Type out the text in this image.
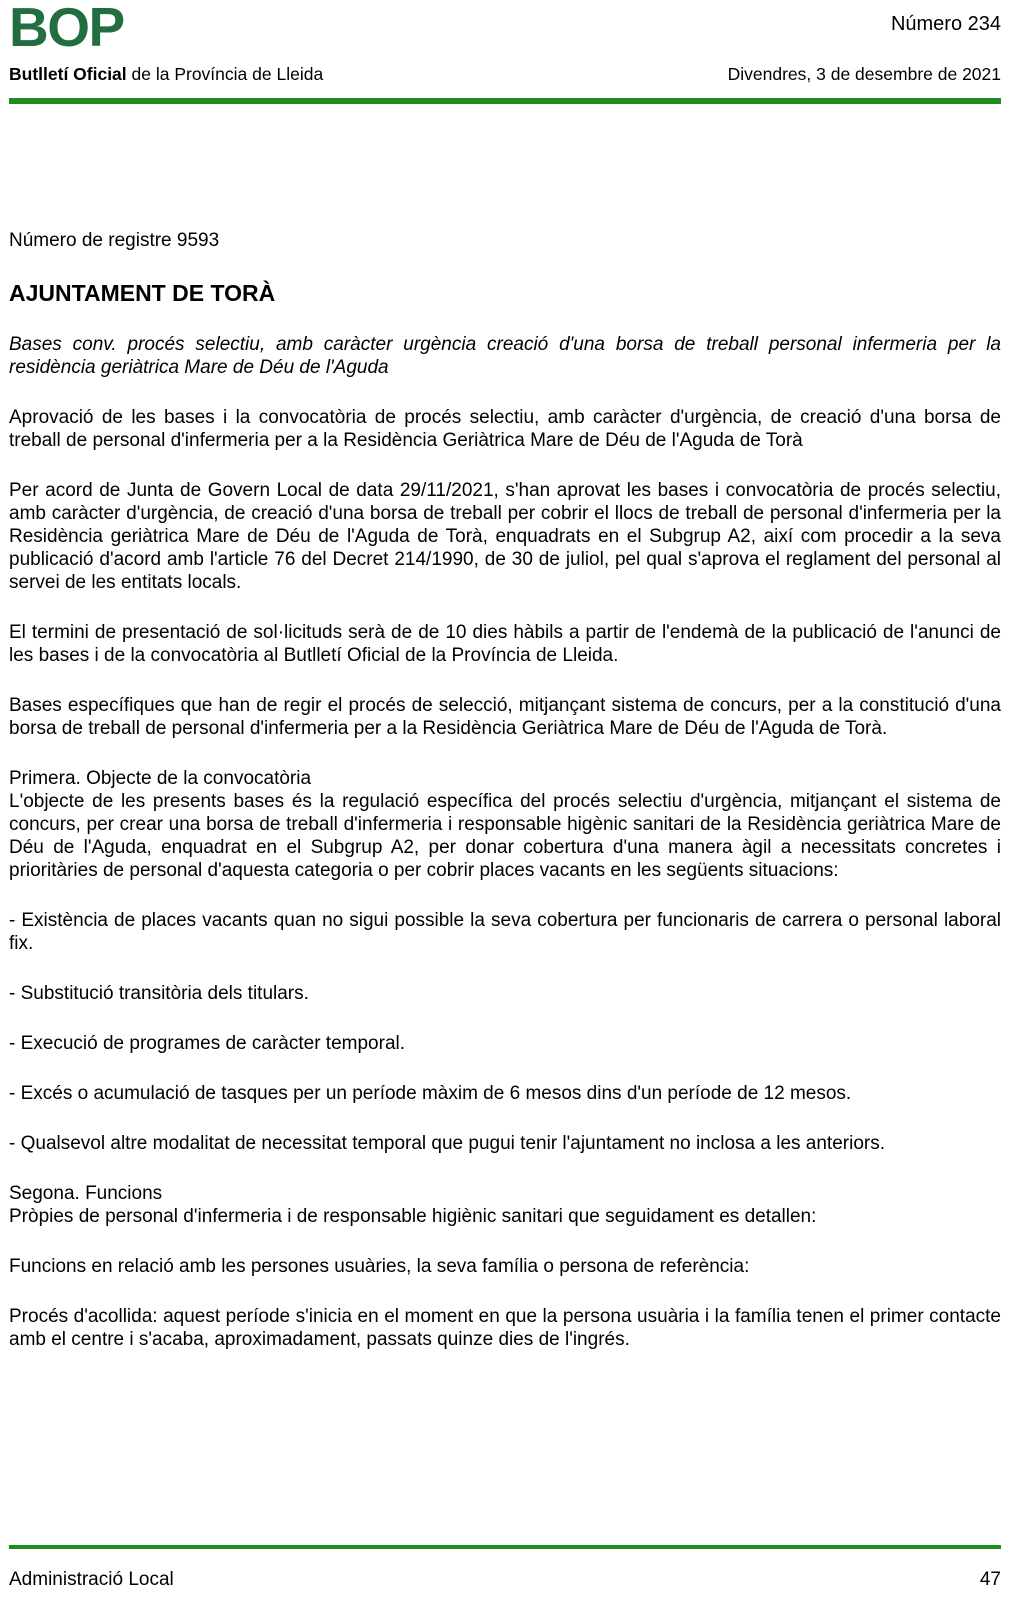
BOP	Número 234
Butlletí Oficial de la Província de Lleida	Divendres, 3 de desembre de 2021

Número de registre 9593

AJUNTAMENT DE TORÀ

Bases conv. procés selectiu, amb caràcter urgència creació d'una borsa de treball personal infermeria per la residència geriàtrica Mare de Déu de l'Aguda

Aprovació de les bases i la convocatòria de procés selectiu, amb caràcter d'urgència, de creació d'una borsa de treball de personal d'infermeria per a la Residència Geriàtrica Mare de Déu de l'Aguda de Torà

Per acord de Junta de Govern Local de data 29/11/2021, s'han aprovat les bases i convocatòria de procés selectiu, amb caràcter d'urgència, de creació d'una borsa de treball per cobrir el llocs de treball de personal d'infermeria per la Residència geriàtrica Mare de Déu de l'Aguda de Torà, enquadrats en el Subgrup A2, així com procedir a la seva publicació d'acord amb l'article 76 del Decret 214/1990, de 30 de juliol, pel qual s'aprova el reglament del personal al servei de les entitats locals.

El termini de presentació de sol·licituds serà de de 10 dies hàbils a partir de l'endemà de la publicació de l'anunci de les bases i de la convocatòria al Butlletí Oficial de la Província de Lleida.

Bases específiques que han de regir el procés de selecció, mitjançant sistema de concurs, per a la constitució d'una borsa de treball de personal d'infermeria per a la Residència Geriàtrica Mare de Déu de l'Aguda de Torà.

Primera. Objecte de la convocatòria
L'objecte de les presents bases és la regulació específica del procés selectiu d'urgència, mitjançant el sistema de concurs, per crear una borsa de treball d'infermeria i responsable higènic sanitari de la Residència geriàtrica Mare de Déu de l'Aguda, enquadrat en el Subgrup A2, per donar cobertura d'una manera àgil a necessitats concretes i prioritàries de personal d'aquesta categoria o per cobrir places vacants en les següents situacions:

- Existència de places vacants quan no sigui possible la seva cobertura per funcionaris de carrera o personal laboral fix.

- Substitució transitòria dels titulars.

- Execució de programes de caràcter temporal.

- Excés o acumulació de tasques per un període màxim de 6 mesos dins d'un període de 12 mesos.

- Qualsevol altre modalitat de necessitat temporal que pugui tenir l'ajuntament no inclosa a les anteriors.

Segona. Funcions
Pròpies de personal d'infermeria i de responsable higiènic sanitari que seguidament es detallen:

Funcions en relació amb les persones usuàries, la seva família o persona de referència:

Procés d'acollida: aquest període s'inicia en el moment en que la persona usuària i la família tenen el primer contacte amb el centre i s'acaba, aproximadament, passats quinze dies de l'ingrés.

Administració Local	47
